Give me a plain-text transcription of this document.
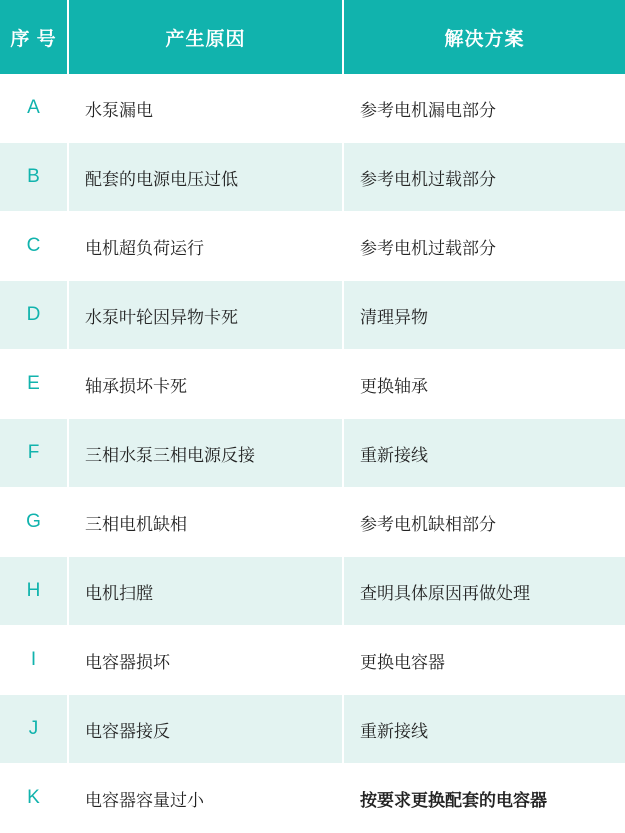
序 号	产生原因	解决方案
A	水泵漏电	参考电机漏电部分
B	配套的电源电压过低	参考电机过载部分
C	电机超负荷运行	参考电机过载部分
D	水泵叶轮因异物卡死	清理异物
E	轴承损坏卡死	更换轴承
F	三相水泵三相电源反接	重新接线
G	三相电机缺相	参考电机缺相部分
H	电机扫膛	查明具体原因再做处理
I	电容器损坏	更换电容器
J	电容器接反	重新接线
K	电容器容量过小	按要求更换配套的电容器
